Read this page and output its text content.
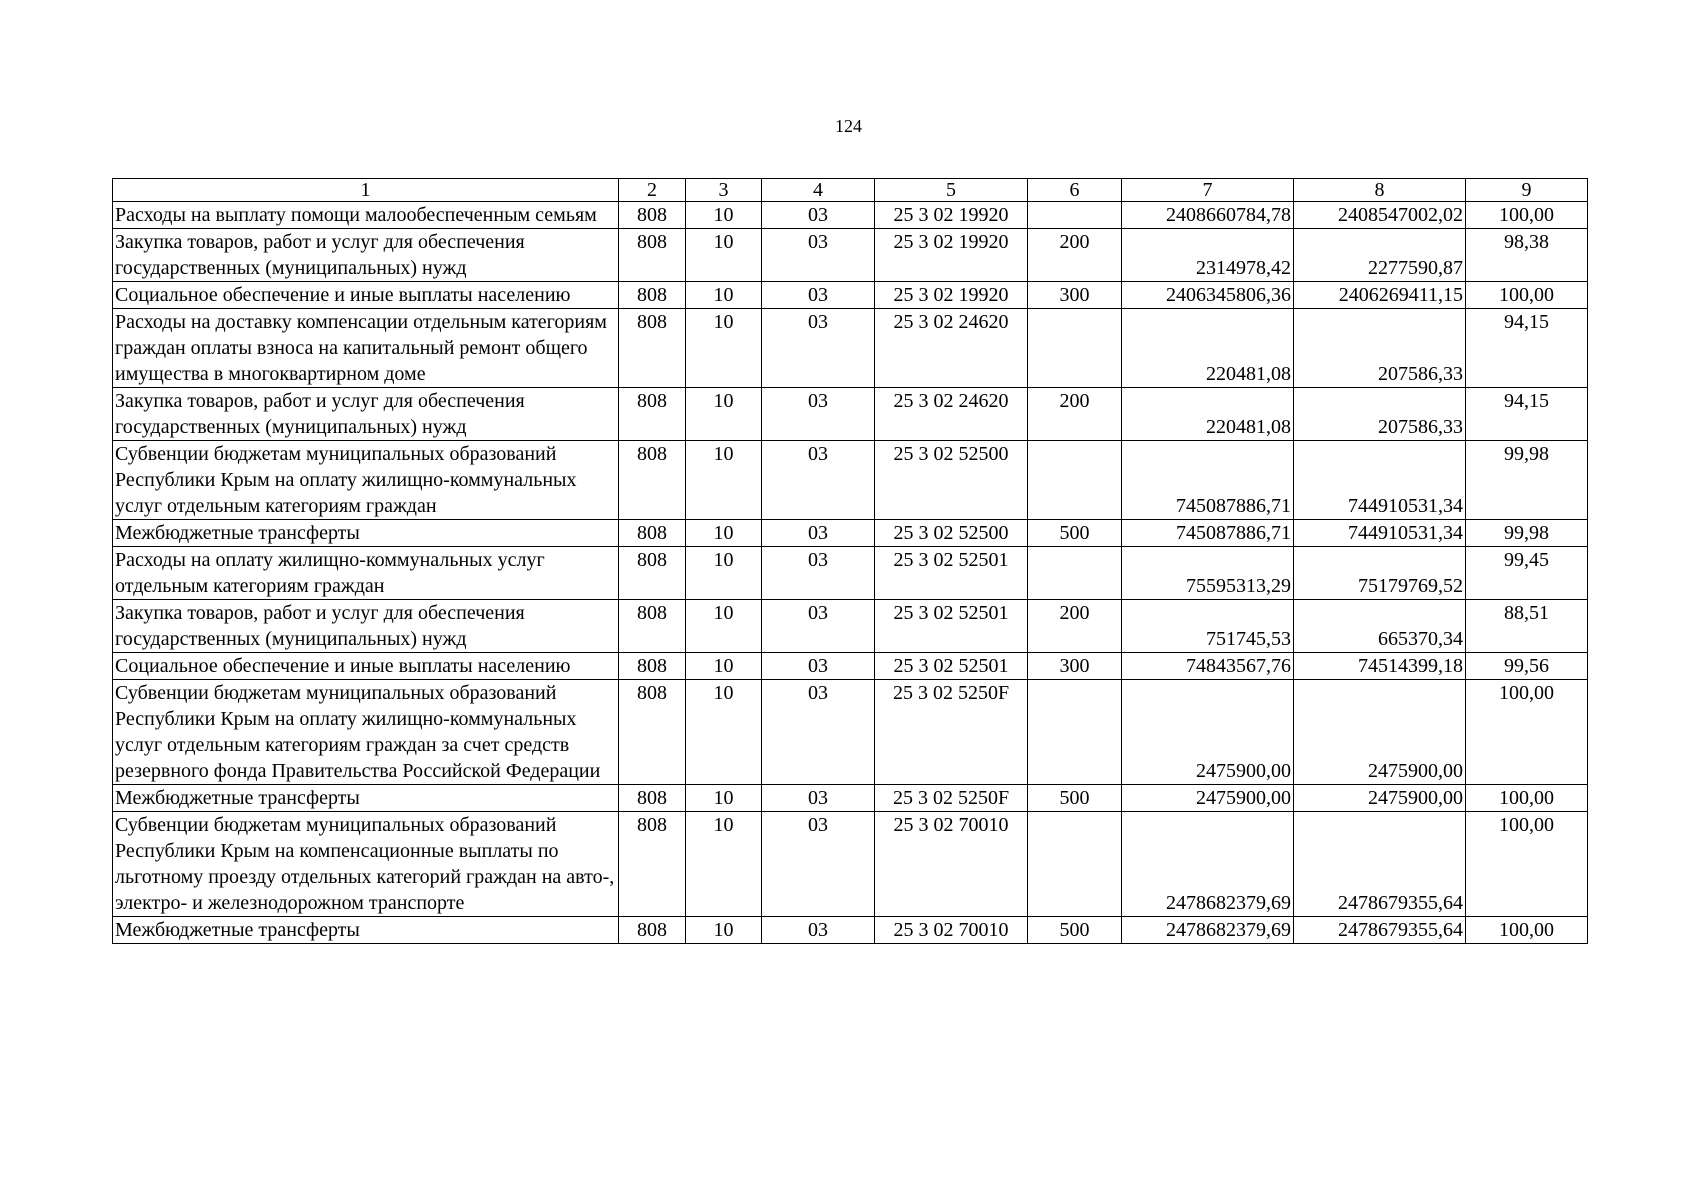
124
1	2	3	4	5	6	7	8	9
Расходы на выплату помощи малообеспеченным семьям	808	10	03	25 3 02 19920		2408660784,78	2408547002,02	100,00
Закупка товаров, работ и услуг для обеспечения государственных (муниципальных) нужд	808	10	03	25 3 02 19920	200	2314978,42	2277590,87	98,38
Социальное обеспечение и иные выплаты населению	808	10	03	25 3 02 19920	300	2406345806,36	2406269411,15	100,00
Расходы на доставку компенсации отдельным категориям граждан оплаты взноса на капитальный ремонт общего имущества в многоквартирном доме	808	10	03	25 3 02 24620		220481,08	207586,33	94,15
Закупка товаров, работ и услуг для обеспечения государственных (муниципальных) нужд	808	10	03	25 3 02 24620	200	220481,08	207586,33	94,15
Субвенции бюджетам муниципальных образований Республики Крым на оплату жилищно-коммунальных услуг отдельным категориям граждан	808	10	03	25 3 02 52500		745087886,71	744910531,34	99,98
Межбюджетные трансферты	808	10	03	25 3 02 52500	500	745087886,71	744910531,34	99,98
Расходы на оплату жилищно-коммунальных услуг отдельным категориям граждан	808	10	03	25 3 02 52501		75595313,29	75179769,52	99,45
Закупка товаров, работ и услуг для обеспечения государственных (муниципальных) нужд	808	10	03	25 3 02 52501	200	751745,53	665370,34	88,51
Социальное обеспечение и иные выплаты населению	808	10	03	25 3 02 52501	300	74843567,76	74514399,18	99,56
Субвенции бюджетам муниципальных образований Республики Крым на оплату жилищно-коммунальных услуг отдельным категориям граждан за счет средств резервного фонда Правительства Российской Федерации	808	10	03	25 3 02 5250F		2475900,00	2475900,00	100,00
Межбюджетные трансферты	808	10	03	25 3 02 5250F	500	2475900,00	2475900,00	100,00
Субвенции бюджетам муниципальных образований Республики Крым на компенсационные выплаты по льготному проезду отдельных категорий граждан на авто-, электро- и железнодорожном транспорте	808	10	03	25 3 02 70010		2478682379,69	2478679355,64	100,00
Межбюджетные трансферты	808	10	03	25 3 02 70010	500	2478682379,69	2478679355,64	100,00
